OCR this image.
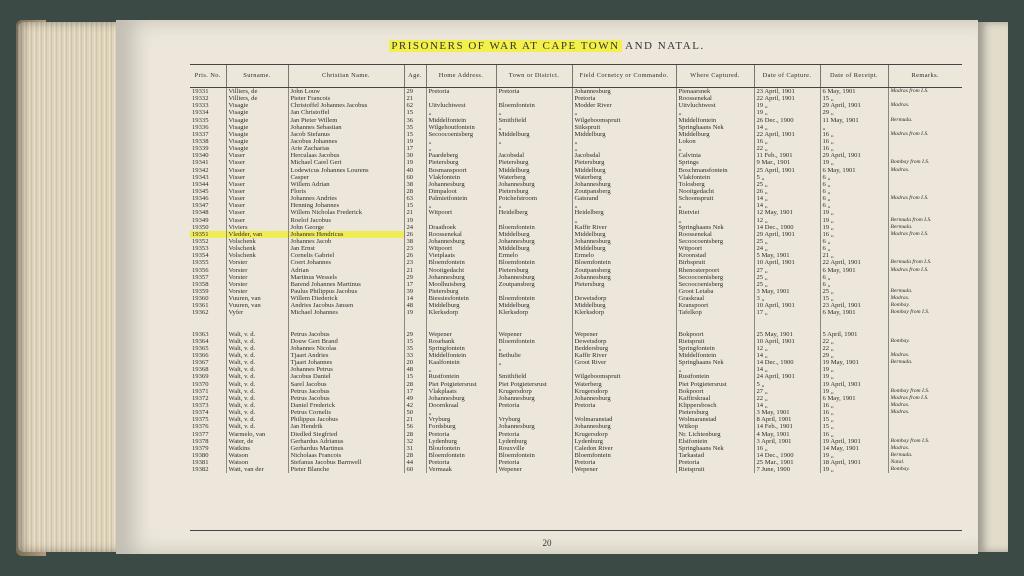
PRISONERS OF WAR AT CAPE TOWN AND NATAL.
Pris. No.	Surname.	Christian Name.	Age.	Home Address.	Town or District.	Field Cornetcy or Commando.	Where Captured.	Date of Capture.	Date of Receipt.	Remarks.
19331	Villiers, de	John Louw	29	Pretoria	Pretoria	Johannesburg	Pienaarsnek	23 April, 1901	6 May, 1901	Madras from I.S.
19332	Villiers, de	Pieter Francois	21			Pretoria	Roossenekal	22 April, 1901	15 „	
19333	Visagie	Christoffel Johannes Jacobus	62	Uitvluchtwest	Bloemfontein	Modder River	Uitvluchtwest	19 „	29 April, 1901	Madras.
19334	Visagie	Jan Christoffel	15	„	„	„	„	19 „	29 „	
19335	Visagie	Jan Pieter Willem	36	Middelfontein	Smithfield	Wilgeboomspruit	Middelfontein	26 Dec., 1900	11 May, 1901	Bermuda.
19336	Visagie	Johannes Sebastian	35	Wilgehoutfontein	„	Siikspruit	Springhaans Nek	14 „	„	
19337	Visagie	Jacob Stefanus	15	Secoocoenisberg	Middelburg	Middelburg	Middelburg	22 April, 1901	16 „	Madras from I.S.
19338	Visagie	Jacobus Johannes	19	„	„	„	Lokon	16 „	16 „	
19339	Visagie	Arie Zacharias	17	„		„	„	22 „	16 „	
19340	Visser	Herculaas Jacobus	30	Paardeberg	Jacobsdal	Jacobsdal	Calvinia	11 Feb., 1901	29 April, 1901	
19341	Visser	Michael Carel Gert	19	Pietersburg	Pietersburg	Pietersburg	Springs	9 Mar., 1901	19 „	Bombay from I.S.
19342	Visser	Lodewicus Johannes Lourens	40	Bosmanspoort	Middelburg	Middelburg	Boschmansfontein	25 April, 1901	6 May, 1901	Madras.
19343	Visser	Casper	60	Vlakfontein	Waterberg	Waterberg	Vlakfontein	5 „	6 „	
19344	Visser	Willem Adrian	38	Johannesburg	Johannesburg	Johannesburg	Tolosberg	25 „	6 „	
19345	Visser	Floris	28	Dimpaloot	Pietersburg	Zoutpansberg	Nooitgedacht	26 „	6 „	
19346	Visser	Johannes Andries	63	Palmietfontein	Potchefstroom	Gatsrand	Schoonspruit	14 „	6 „	Madras from I.S.
19347	Visser	Henning Johannes	15	„	„	„	„	14 „	6 „	
19348	Visser	Willem Nicholas Frederick	21	Witpoort	Heidelberg	Heidelberg	Rietviei	12 May, 1901	19 „	
19349	Visser	Roelof Jacobus	19			„	„	12 „	19 „	Bermuda from I.S.
19350	Viviers	John George	24	Draaihoek	Bloemfontein	Kaffir River	Springhaans Nek	14 Dec., 1900	19 „	Bermuda.
19351	Vledder, van	Johannes Hendricus	26	Roossenekal	Middelburg	Middelburg	Roossenekal	29 April, 1901	16 „	Madras from I.S.
19352	Volschenk	Johannes Jacob	38	Johannesburg	Johannesburg	Johannesburg	Secoocoentsberg	25 „	6 „	
19353	Volschenk	Jan Ernst	23	Witpoort	Middelburg	Middelburg	Witpoort	24 „	6 „	
19354	Volschenk	Cornelis Gabriel	26	Vietplaats	Ermelo	Ermelo	Kroonstad	5 May, 1901	21 „	
19355	Vorster	Coert Johannes	23	Bloemfontein	Bloemfontein	Bloemfontein	Birbspruit	10 April, 1901	22 April, 1901	Bermuda from I.S.
19356	Vorster	Adrian	21	Nooitgedacht	Pietersburg	Zoutpansberg	Rhenosterpoort	27 „	6 May, 1901	Madras from I.S.
19357	Vorster	Martinus Wessels	29	Johannesburg	Johannesburg	Johannesburg	Secoocoenisberg	25 „	6 „	
19358	Vorster	Barend Johannes Martinus	17	Moolhuisberg	Zoutpansberg	Pietersburg	Secoocoenisberg	25 „	6 „	
19359	Vorster	Paulus Philippus Jacobus	39	Pietersburg			Groot Letaba	3 May, 1901	25 „	Bermuda.
19360	Vuuren, van	Willem Diederick	14	Biessiesfontein	Bloemfontein	Dewetsdorp	Graskraal	3 „	15 „	Madras.
19361	Vuuren, van	Andries Jacobus Jansen	48	Middelburg	Middelburg	Middelburg	Kranspoort	10 April, 1901	23 April, 1901	Bombay.
19362	Vyfer	Michael Johannes	19	Klerksdorp	Klerksdorp	Klerksdorp	Tafelkop	17 „	6 May, 1901	Bombay from I.S.

19363	Walt, v. d.	Petrus Jacobus	29	Wepener	Wepener	Wepener	Bokpoort	25 May, 1901	5 April, 1901	
19364	Walt, v. d.	Douw Gert Brand	15	Rosebank	Bloemfontein	Dewetsdorp	Rietspruit	10 April, 1901	22 „	Bombay.
19365	Walt, v. d.	Johannes Nicolas	35	Springfontein	„	Beddersburg	Springfontein	12 „	22 „	
19366	Walt, v. d.	Tjaart Andries	33	Middelfontein	Bethulie	Kaffir River	Middelfontein	14 „	29 „	Madras.
19367	Walt, v. d.	Tjaart Johannes	20	Kaalfontein	„	Groot River	Springhaans Nek	14 Dec., 1900	19 May, 1901	Bermuda.
19368	Walt, v. d.	Johannes Petrus	48	„			„	14 „	19 „	
19369	Walt, v. d.	Jacobus Daniel	15	Rustfontein	Smithfield	Wilgeboomspruit	Rustfontein	24 April, 1901	19 „	
19370	Walt, v. d.	Sarel Jacobus	28	Piet Potgietersrust	Piet Potgietersrust	Waterberg	Piet Potgietersrust	5 „	19 April, 1901	
19371	Walt, v. d.	Petrus Jacobus	17	Vlakplaats	Krugersdorp	Krugersdorp	Bokpoort	27 „	19 „	Bombay from I.S.
19372	Walt, v. d.	Petrus Jacobus	49	Johannesburg	Johannesburg	Johannesburg	Kaffirskraal	22 „	6 May, 1901	Madras from I.S.
19373	Walt, v. d.	Daniel Frederick	42	Doornkraal	Pretoria	Pretoria	Klippersbosch	14 „	16 „	Madras.
19374	Walt, v. d.	Petrus Cornelis	50	„			Pietersburg	3 May, 1901	16 „	Madras.
19375	Walt, v. d.	Philippus Jacobus	21	Vryburg	Vryburg	Wolmaranstad	Wolmaranstad	8 April, 1901	15 „	
19376	Walt, v. d.	Jan Hendrik	56	Fordsburg	Johannesburg	Johannesburg	Witkop	14 Feb., 1901	15 „	
19377	Warmelo, van	Diedled Siegfried	28	Pretoria	Pretoria	Krugersdorp	Nr. Lichtenburg	4 May, 1901	16 „	
19378	Water, de	Gerhardus Adrianus	32	Lydenburg	Lydenburg	Lydenburg	Elsifontein	3 April, 1901	19 April, 1901	Bombay from I.S.
19379	Watkins	Gerhardus Martinus	31	Bloufontein	Rouxville	Caledon River	Springhaans Nek	16 „	14 May, 1901	Madras.
19380	Watson	Nicholaas Francois	28	Bloemfontein	Bloemfontein	Bloemfontein	Tarkastad	14 Dec., 1900	19 „	Bermuda.
19381	Watson	Stefanus Jacobus Barnwell	44	Pretoria	Pretoria	Pretoria	Pretoria	25 Mar., 1901	18 April, 1901	Natal.
19382	Watt, van der	Pieter Blanche	60	Vermaak	Wepener	Wepener	Rietspruit	7 June, 1900	19 „	Bombay.
20
